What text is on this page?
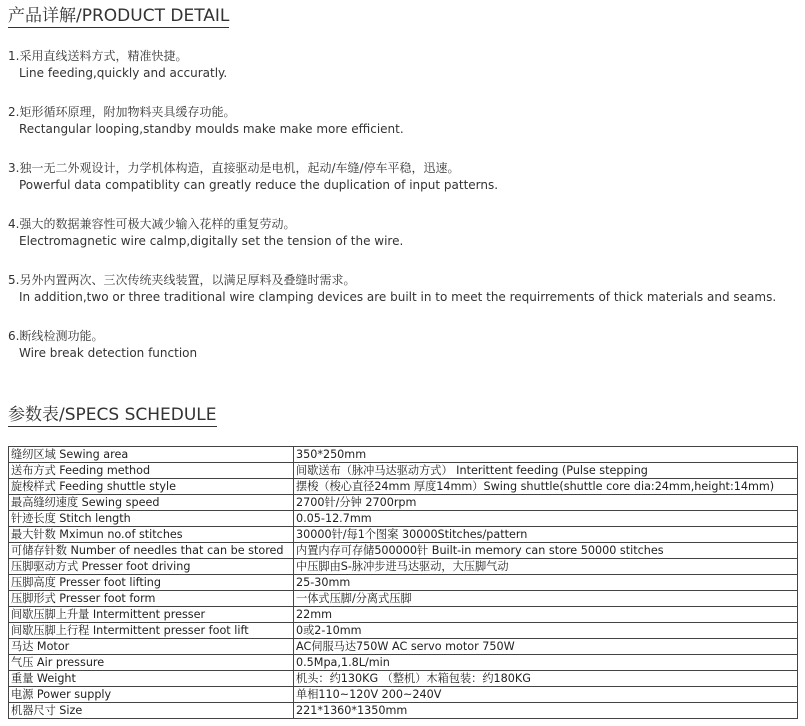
产品详解/PRODUCT DETAIL
1.采用直线送料方式，精准快捷。
Line feeding,quickly and accuratly.
2.矩形循环原理，附加物料夹具缓存功能。
Rectangular looping,standby moulds make make more efficient.
3.独一无二外观设计，力学机体构造，直接驱动是电机，起动/车缝/停车平稳，迅速。
Powerful data compatiblity can greatly reduce the duplication of input patterns.
4.强大的数据兼容性可极大减少输入花样的重复劳动。
Electromagnetic wire calmp,digitally set the tension of the wire.
5.另外内置两次、三次传统夹线装置，以满足厚料及叠缝时需求。
In addition,two or three traditional wire clamping devices are built in to meet the requirrements of thick materials and seams.
6.断线检测功能。
Wire break detection function
参数表/SPECS SCHEDULE
缝纫区域 Sewing area	350*250mm
送布方式 Feeding method	间歇送布（脉冲马达驱动方式） Interittent feeding (Pulse stepping
旋梭样式 Feeding shuttle style	摆梭（梭心直径24mm 厚度14mm）Swing shuttle(shuttle core dia:24mm,height:14mm)
最高缝纫速度 Sewing speed	2700针/分钟 2700rpm
针迹长度 Stitch length	0.05-12.7mm
最大针数 Mximun no.of stitches	30000针/每1个图案 30000Stitches/pattern
可储存针数 Number of needles that can be stored	内置内存可存储500000针 Built-in memory can store 50000 stitches
压脚驱动方式 Presser foot driving	中压脚由S-脉冲步进马达驱动，大压脚气动
压脚高度 Presser foot lifting	25-30mm
压脚形式 Presser foot form	一体式压脚/分离式压脚
间歇压脚上升量 Intermittent presser	22mm
间歇压脚上行程 Intermittent presser foot lift	0或2-10mm
马达 Motor	AC伺服马达750W AC servo motor 750W
气压 Air pressure	0.5Mpa,1.8L/min
重量 Weight	机头：约130KG （整机）木箱包装：约180KG
电源 Power supply	单相110~120V 200~240V
机器尺寸 Size	221*1360*1350mm
